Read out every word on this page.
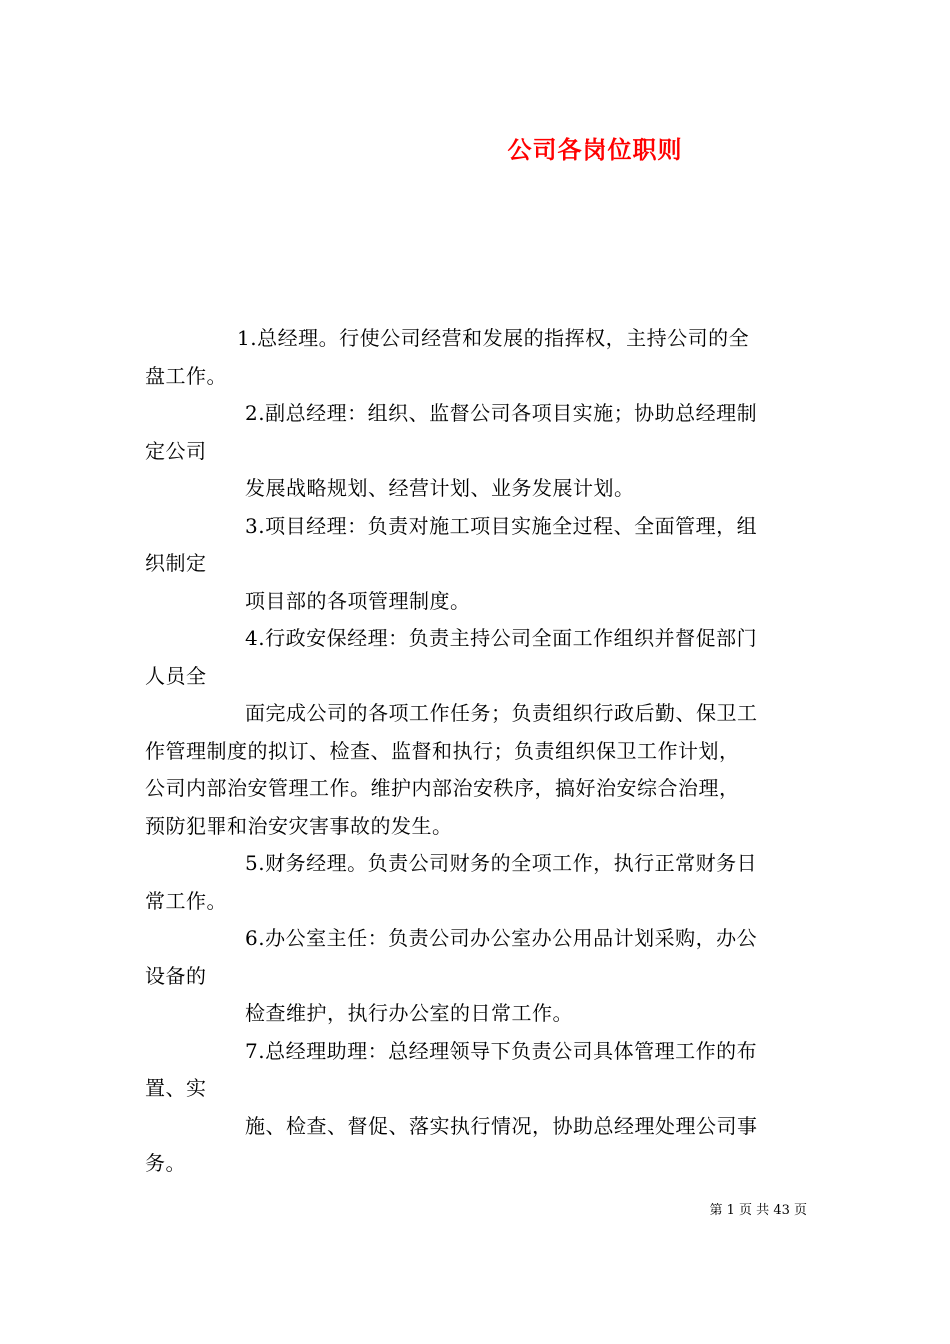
公司各岗位职则
1.总经理。行使公司经营和发展的指挥权，主持公司的全
盘工作。
2.副总经理：组织、监督公司各项目实施；协助总经理制
定公司
发展战略规划、经营计划、业务发展计划。
3.项目经理：负责对施工项目实施全过程、全面管理，组
织制定
项目部的各项管理制度。
4.行政安保经理：负责主持公司全面工作组织并督促部门
人员全
面完成公司的各项工作任务；负责组织行政后勤、保卫工
作管理制度的拟订、检查、监督和执行；负责组织保卫工作计划，
公司内部治安管理工作。维护内部治安秩序，搞好治安综合治理，
预防犯罪和治安灾害事故的发生。
5.财务经理。负责公司财务的全项工作，执行正常财务日
常工作。
6.办公室主任：负责公司办公室办公用品计划采购，办公
设备的
检查维护，执行办公室的日常工作。
7.总经理助理：总经理领导下负责公司具体管理工作的布
置、实
施、检查、督促、落实执行情况，协助总经理处理公司事
务。
第 1 页 共 43 页
